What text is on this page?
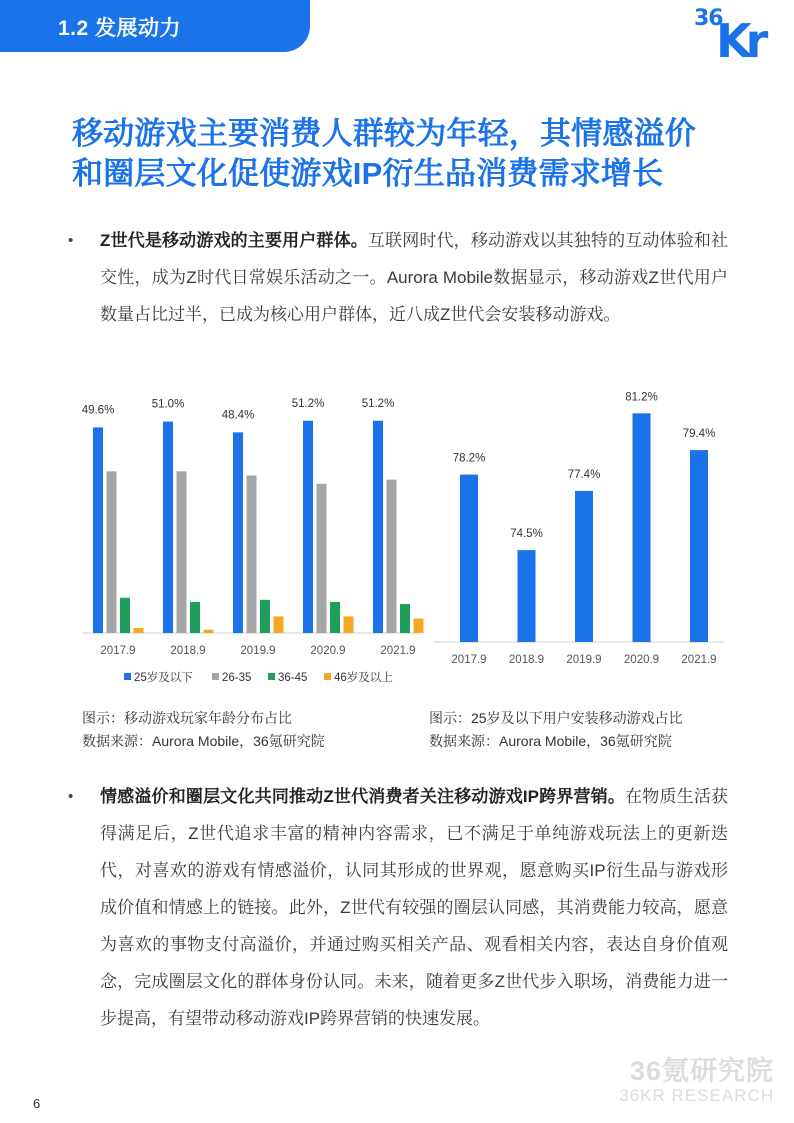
1.2 发展动力	36
Kr
移动游戏主要消费人群较为年轻，其情感溢价
和圈层文化促使游戏IP衍生品消费需求增长
• Z世代是移动游戏的主要用户群体。互联网时代，移动游戏以其独特的互动体验和社交性，成为Z时代日常娱乐活动之一。Aurora Mobile数据显示，移动游戏Z世代用户数量占比过半，已成为核心用户群体，近八成Z世代会安装移动游戏。
49.6%
2017.9
51.0%
2018.9
48.4%
2019.9
51.2%
2020.9
51.2%
2021.9
25岁及以下	26-35 36-45 46岁及以上
78.2%
2017.9
74.5%
2018.9
77.4%
2019.9
81.2%
2020.9
79.4%
2021.9
图示：移动游戏玩家年龄分布占比
数据来源：Aurora Mobile，36氪研究院
图示：25岁及以下用户安装移动游戏占比
数据来源：Aurora Mobile，36氪研究院
• 情感溢价和圈层文化共同推动Z世代消费者关注移动游戏IP跨界营销。在物质生活获得满足后，Z世代追求丰富的精神内容需求，已不满足于单纯游戏玩法上的更新迭代，对喜欢的游戏有情感溢价，认同其形成的世界观，愿意购买IP衍生品与游戏形成价值和情感上的链接。此外，Z世代有较强的圈层认同感，其消费能力较高，愿意为喜欢的事物支付高溢价，并通过购买相关产品、观看相关内容，表达自身价值观念，完成圈层文化的群体身份认同。未来，随着更多Z世代步入职场，消费能力进一步提高，有望带动移动游戏IP跨界营销的快速发展。
36氪研究院
36KR RESEARCH
6
